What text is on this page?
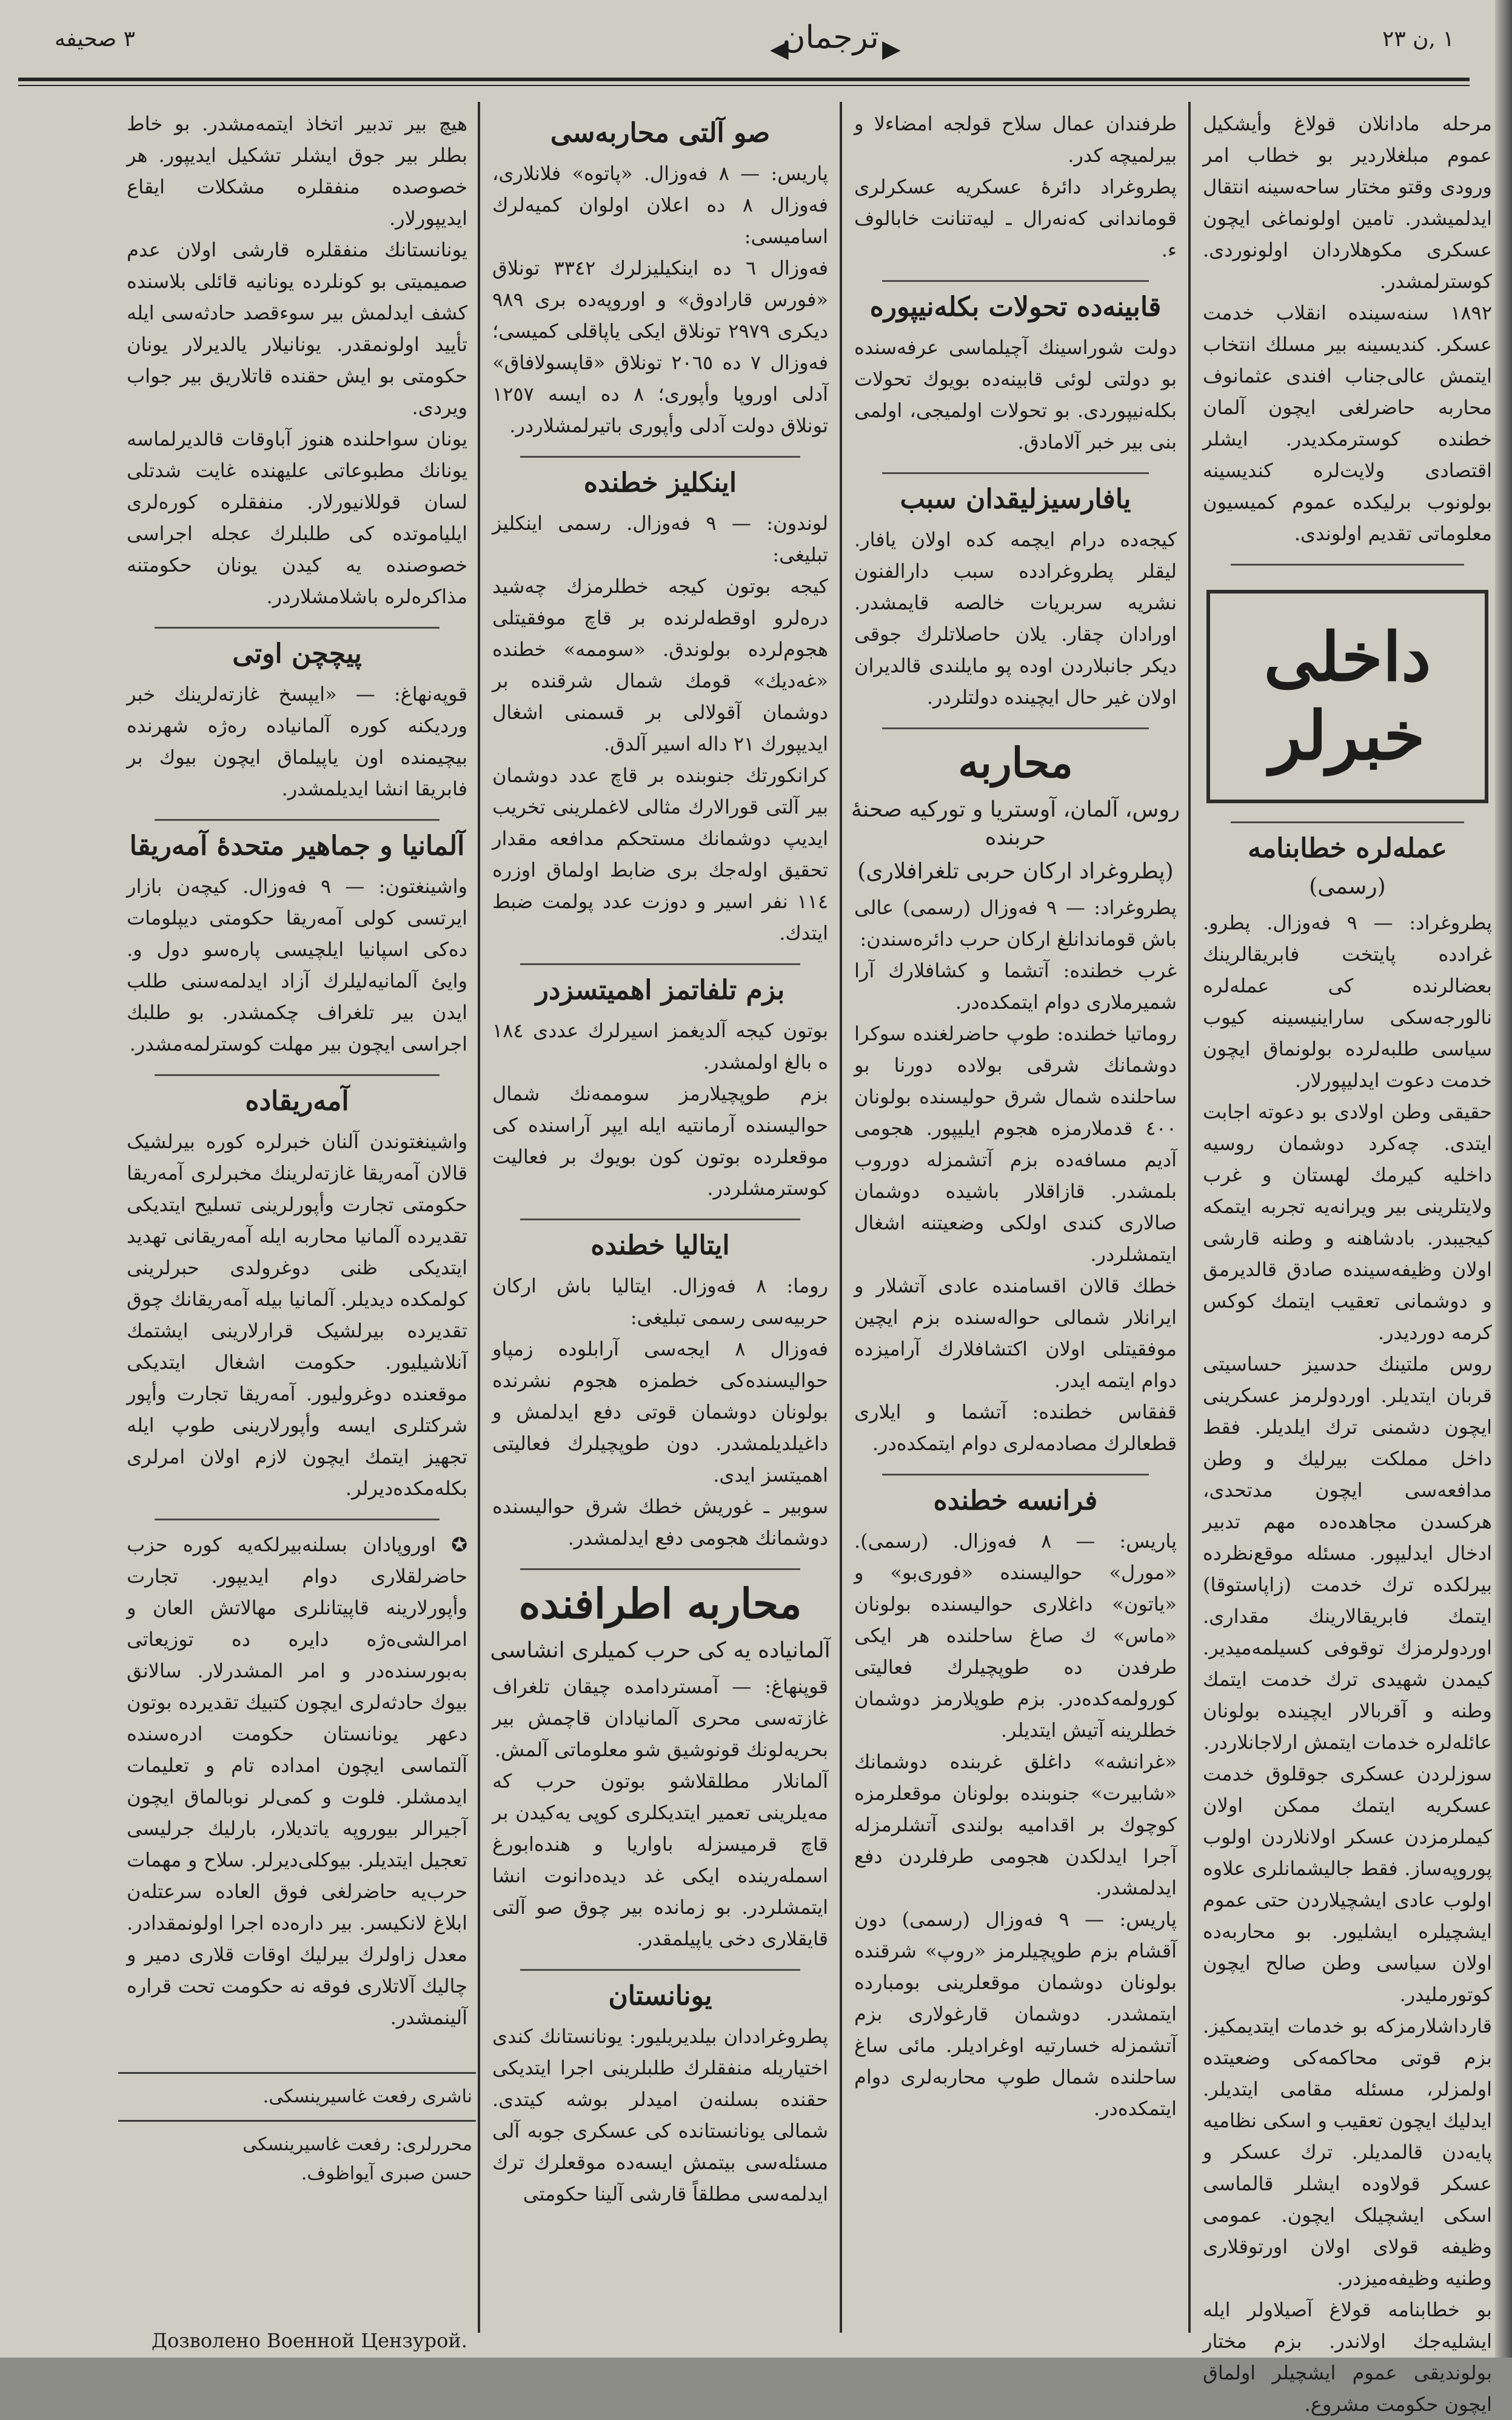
٣ صحيفه	◀
ترجمان ▶	١ ,ن ٢٣

مرحله مادانلان قولاغ وأیشکیل عموم مبلغلاردیر بو خطاب امر ورودی وقتو مختار ساحه‌سینه انتقال ایدلمیشدر. تامین اولونماغی ایچون عسکری مکوهلاردان اولونوردی. کوسترلمشدر.

١٨٩٢ سنه‌سینده انقلاب خدمت عسکر. کندیسینه بیر مسلك انتخاب ایتمش عالی‌جناب افندی عثمانوف محاربه حاضرلغی ایچون آلمان خطنده کوسترمکدیدر. ایشلر اقتصادی ولایت‌لره کندیسینه بولونوب برلیکده عموم کمیسیون معلوماتی تقدیم اولوندی.

داخلی خبرلر
عمله‌لره خطابنامه
(رسمی)

پطروغراد: — ٩ فه‌وزال. پطرو. غرادده پایتخت فابریقالرینك بعضالرنده کی عمله‌لره نالورجه‌سکی ساراینیسینه کیوب سیاسی طلبه‌لرده بولونماق ایچون خدمت دعوت ایدلیپورلار.

حقیقی وطن اولادی بو دعوته اجابت ایتدی. چه‌کرد دوشمان روسیه داخلیه کیرمك لهستان و غرب ولایتلرینی بیر ویرانه‌یه تجربه ایتمکه کیجیبدر. بادشاهنه و وطنه قارشی اولان وظیفه‌سینده صادق قالدیرمق و دوشمانی تعقیب ایتمك کوکس کرمه دوردیدر.

روس ملتینك حدسیز حساسیتی قربان ایتدیلر. اوردولرمز عسکرینی ایچون دشمنی ترك ایلدیلر. فقط داخل مملکت بیرلیك و وطن مدافعه‌سی ایچون مدتحدی، هرکسدن مجاهده‌ده مهم تدبیر ادخال ایدلیپور. مسئله موقع‌نظرده بیرلکده ترك خدمت (زاپاستوقا) ایتمك فابریقالارینك مقداری. اوردولرمزك توقوفی کسیلمه‌میدیر. کیمدن شهیدی ترك خدمت ایتمك وطنه و آقربالار ایچینده بولونان عائله‌لره خدمات ایتمش ارلاجانلاردر.

سوزلردن عسکری جوقلوق خدمت عسکریه ایتمك ممکن اولان کیملرمزدن عسکر اولانلاردن اولوب پوروپه‌ساز. فقط جالیشمانلری علاوه اولوب عادی ایشچیلاردن حتی عموم ایشچیلره ایشلیور. بو محاربه‌ده اولان سیاسی وطن صالح ایچون کوتورملیدر.

قارداشلارمزکه بو خدمات ایتدیمکیز. بزم قوتی محاکمه‌کی وضعیتده اولمزلر، مسئله مقامی ایتدیلر. ایدلیك ایچون تعقیب و اسکی نظامیه پایه‌دن قالمدیلر. ترك عسکر و عسکر قولاوده ایشلر قالماسی اسکی ایشچیلک ایچون. عمومی وظیفه قولای اولان اورتوقلاری وطنیه وظیفه‌میزدر.

بو خطابنامه قولاغ آصیلاولر ایله ایشلیه‌جك اولاندر. بزم مختار بولوندیقی عموم ایشچیلر اولماق ایچون حکومت مشروع.

طرفندان عمال سلاح قولجه امضاءلا و بیرلمیچه کدر.

پطروغراد دائرهٔ عسکریه عسکرلری قوماندانی که‌نه‌رال ـ لیه‌تنانت خابالوف ء.

قابینه‌ده تحولات بکله‌نیپوره

دولت شوراسینك آچیلماسی عرفه‌سنده بو دولتی لوئی قابینه‌ده بویوك تحولات بکله‌نیپوردی. بو تحولات اولمیجی، اولمی بنی بیر خبر آلامادق.

یافارسیزلیقدان سبب

کیجه‌ده درام ایچمه کده اولان یافار. لیقلر پطروغرادده سبب دارالفنون نشریه سربریات خالصه قایمشدر. اورادان چقار. یلان حاصلاتلرك جوقی دیکر جانبلاردن اوده پو مایلندی قالدیران اولان غیر حال ایچینده دولتلردر.

محاربه
روس، آلمان، آوستریا و تورکیه صحنهٔ حربنده
(پطروغراد ارکان حربی تلغرافلاری)

پطروغراد: — ٩ فه‌وزال (رسمی) عالی باش قوماندانلغ ارکان حرب دائره‌سندن:

غرب خطنده: آتشما و کشافلارك آرا شمیرملاری دوام ایتمکده‌در.

روماتیا خطنده: طوپ حاضرلغنده سوکرا دوشمانك شرقی بولاده دورنا بو ساحلنده شمال شرق حولیسنده بولونان ٤٠٠ قدملارمزه هجوم ایلیپور. هجومی آدیم مسافه‌ده بزم آتشمزله دوروب بلمشدر. قازاقلار باشیده دوشمان صالاری کندی اولکی وضعیتنه اشغال ایتمشلردر.

خطك قالان اقسامنده عادی آتشلار و ایرانلار شمالی حواله‌سنده بزم ایچین موفقیتلی اولان اکتشافلارك آرامیزده دوام ایتمه ایدر.

قفقاس خطنده: آتشما و ایلاری قطعالرك مصادمه‌لری دوام ایتمکده‌در.

فرانسه خطنده

پاریس: — ٨ فه‌وزال. (رسمی). «مورل» حوالیسنده «فوری‌بو» و «یاتون» داغلاری حوالیسنده بولونان «ماس» ك صاغ ساحلنده هر ایکی طرفدن ده طوپچیلرك فعالیتی کورولمه‌کده‌در. بزم طوپلارمز دوشمان خطلرینه آتیش ایتدیلر.

«غرانشه» داغلق غربنده دوشمانك «شابیرت» جنوبنده بولونان موقعلرمزه کوچوك بر اقدامیه بولندی آتشلرمزله آجرا ایدلکدن هجومی طرفلردن دفع ایدلمشدر.

پاریس: — ٩ فه‌وزال (رسمی) دون آقشام بزم طوپچیلرمز «روپ» شرقنده بولونان دوشمان موقعلرینی بومبارده ایتمشدر. دوشمان قارغولاری بزم آتشمزله خسارتیه اوغرادیلر. مائی ساغ ساحلنده شمال طوپ محاربه‌لری دوام ایتمکده‌در.

صو آلتی محاربه‌سی

پاریس: — ٨ فه‌وزال. «پاتوه» فلانلاری، فه‌وزال ٨ ده اعلان اولوان کمیه‌لرك اسامیسی:

فه‌وزال ٦ ده اینکیلیزلرك ٣٣٤٢ تونلاق «فورس قارادوق» و اوروپه‌ده بری ٩٨٩ دیکری ٢٩٧٩ تونلاق ایکی یاپاقلی کمیسی؛ فه‌وزال ٧ ده ٢٠٦٥ تونلاق «قاپسولافاق» آدلی اوروپا وأپوری؛ ٨ ده ایسه ١٢٥٧ تونلاق دولت آدلی وأپوری باتیرلمشلاردر.

اینکلیز خطنده

لوندون: — ٩ فه‌وزال. رسمی اینکلیز تبلیغی:

کیجه بوتون کیجه خطلرمزك چه‌شید دره‌لرو اوقطه‌لرنده بر قاچ موفقیتلی هجوم‌لرده بولوندق. «سوممه» خطنده «غه‌دیك» قومك شمال شرقنده بر دوشمان آقولالی بر قسمنی اشغال ایدیپورك ٢١ داله اسیر آلدق.

کرانکورتك جنوبنده بر قاچ عدد دوشمان بیر آلتی قورالارك مثالی لاغملرینی تخریب ایدیپ دوشمانك مستحکم مدافعه مقدار تحقیق اوله‌جك بری ضابط اولماق اوزره ١١٤ نفر اسیر و دوزت عدد پولمت ضبط ایتدك.

بزم تلفاتمز اهمیتسزدر

بوتون کیجه آلدیغمز اسیرلرك عددی ١٨٤ ه بالغ اولمشدر.

بزم طوپچیلارمز سوممه‌نك شمال حوالیسنده آرمانتیه ایله ایپر آراسنده کی موقعلرده بوتون کون بویوك بر فعالیت کوسترمشلردر.

ایتالیا خطنده

روما: ٨ فه‌وزال. ایتالیا باش ارکان حربیه‌سی رسمی تبلیغی:

فه‌وزال ٨ ایجه‌سی آرابلوده زمپاو حوالیسنده‌کی خطمزه هجوم نشرنده بولونان دوشمان قوتی دفع ایدلمش و داغیلدیلمشدر. دون طوپچیلرك فعالیتی اهمیتسز ایدی.

سوبیر ـ غوریش خطك شرق حوالیسنده دوشمانك هجومی دفع ایدلمشدر.

محاربه اطرافنده
آلمانیاده یه کی حرب کمیلری انشاسی

قوپنهاغ: — آمستردامده چیقان تلغراف غازته‌سی محری آلمانیادان قاچمش بیر بحریه‌لونك قونوشیق شو معلوماتی آلمش.

آلمانلار مطلقلاشو بوتون حرب که مه‌یلرینی تعمیر ایتدیکلری کوپی یه‌کیدن بر قاچ قرمیسزله باواریا و هنده‌ابورغ اسمله‌رینده ایکی غد دیده‌دانوت انشا ایتمشلردر. بو زمانده بیر چوق صو آلتی قایقلاری دخی یاپیلمقدر.

یونانستان

پطروغراددان بیلدیریلیور: یونانستانك کندی اختیاریله منفقلرك طلبلرینی اجرا ایتدیکی حقنده بسلنه‌ن امیدلر بوشه کیتدی. شمالی یونانستانده کی عسکری جوبه آلی مسئله‌سی بیتمش ایسه‌ده موقعلرك ترك ایدلمه‌سی مطلقاً قارشی آلینا حکومتی

هیچ بیر تدبیر اتخاذ ایتمه‌مشدر. بو خاط بطلر بیر جوق ایشلر تشکیل ایدیپور. هر خصوصده منفقلره مشکلات ایقاع ایدیپورلار.

یونانستانك منفقلره قارشی اولان عدم صمیمیتی بو کونلرده یونانیه قائلی بلاسنده کشف ایدلمش بیر سوءقصد حادثه‌سی ایله تأیید اولونمقدر. یونانیلار یالدیرلار یونان حکومتی بو ایش حقنده قاتلاریق بیر جواب ویردی.

یونان سواحلنده هنوز آباوقات قالدیرلماسه یونانك مطبوعاتی علیهنده غایت شدتلی لسان قوللانیورلار. منفقلره کوره‌لری ایلیاموتده کی طلبلرك عجله اجراسی خصوصنده یه کیدن یونان حکومتنه مذاکره‌لره باشلامشلاردر.

پیچچن اوتی

قوپه‌نهاغ: — «ایپسخ غازته‌لرینك خبر وردیکنه کوره آلمانیاده ره‌ژه شهرنده بیچیمنده اون یاپیلماق ایچون بیوك بر فابریقا انشا ایدیلمشدر.

آلمانیا و جماهیر متحدهٔ آمه‌ریقا

واشینغتون: — ٩ فه‌وزال. کیچه‌ن بازار ایرتسی کولی آمه‌ریقا حکومتی دیپلومات ده‌کی اسپانیا ایلچیسی پاره‌سو دول و. وایئ آلمانیه‌لیلرك آزاد ایدلمه‌سنی طلب ایدن بیر تلغراف چکمشدر. بو طلبك اجراسی ایچون بیر مهلت کوسترلمه‌مشدر.

آمه‌ریقاده

واشینغتوندن آلنان خبرلره کوره بیرلشیک قالان آمه‌ریقا غازته‌لرینك مخبرلری آمه‌ریقا حکومتی تجارت وأپورلرینی تسلیح ایتدیکی تقدیرده آلمانیا محاربه ایله آمه‌ریقانی تهدید ایتدیکی ظنی دوغرولدی حبرلرینی کولمکده دیدیلر. آلمانیا بیله آمه‌ریقانك چوق تقدیرده بیرلشیک قرارلارینی ایشتمك آنلاشیلیور. حکومت اشغال ایتدیکی موقعنده دوغرولیور. آمه‌ریقا تجارت وأپور شرکتلری ایسه وأپورلارینی طوپ ایله تجهیز ایتمك ایچون لازم اولان امرلری بکله‌مکده‌دیرلر.

✪ اوروپادان بسلنه‌بیرلکه‌یه کوره حزب حاضرلقلاری دوام ایدیپور. تجارت وأپورلارینه قاپیتانلری مهالاتش العان و امرالشی‌ه‌ژه دایره ده توزیعاتی به‌بور‌سنده‌در و امر المشدرلار. سالانق بیوك حادثه‌لری ایچون کتبیك تقدیرده بوتون دعهر یونانستان حکومت ادره‌سنده آلتماسی ایچون امداده تام و تعلیمات ایدمشلر. فلوت و کمی‌لر نوبالماق ایچون آجیرالر بیوروپه یاتدیلار، بارلیك جرلیسی تعجیل ایتدیلر. بیوکلی‌دیرلر. سلاح و مهمات حرب‌یه حاضرلغی فوق العاده سرعتله‌ن ابلاغ لانکیسر. بیر داره‌ده اجرا اولونمقدادر. معدل زاولرك بیرلیك اوقات قلاری دمیر و چالیك آلاتلاری فوقه نه حکومت تحت قراره آلینمشدر.

ناشری رفعت غاسیرینسکی.
محررلری: رفعت غاسیرینسکی
حسن صبری آیواظوف.
Дозволено Военной Цензурой.
